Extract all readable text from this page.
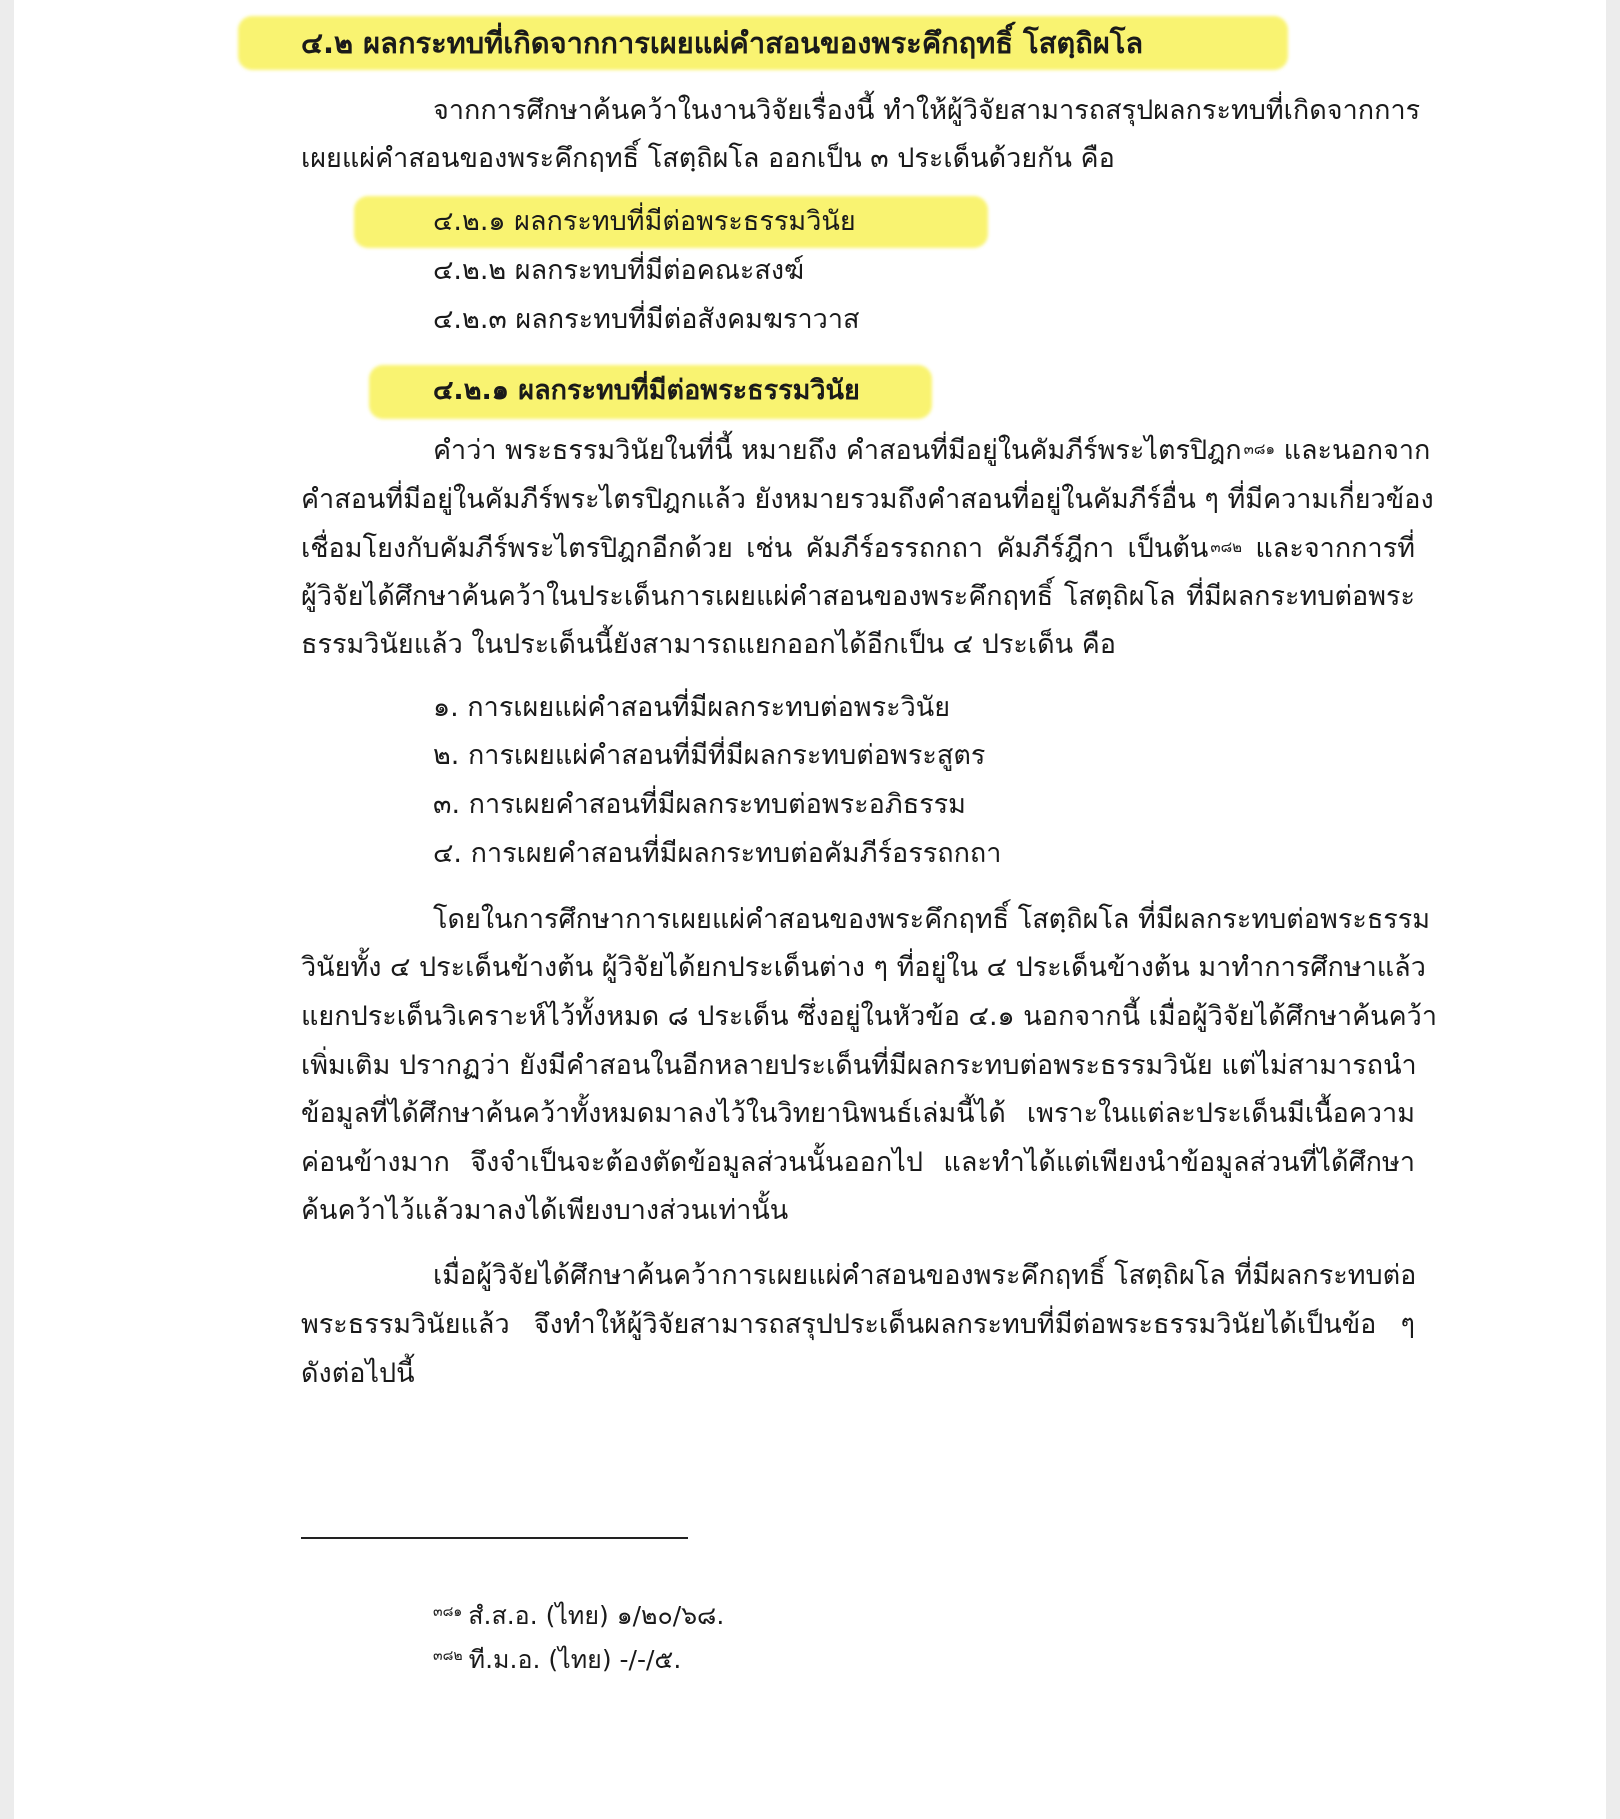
๔.๒ ผลกระทบที่เกิดจากการเผยแผ่คำสอนของพระคึกฤทธิ์ โสตฺถิผโล

จากการศึกษาค้นคว้าในงานวิจัยเรื่องนี้ ทำให้ผู้วิจัยสามารถสรุปผลกระทบที่เกิดจากการ

เผยแผ่คำสอนของพระคึกฤทธิ์ โสตฺถิผโล ออกเป็น ๓ ประเด็นด้วยกัน คือ

๔.๒.๑ ผลกระทบที่มีต่อพระธรรมวินัย

๔.๒.๒ ผลกระทบที่มีต่อคณะสงฆ์

๔.๒.๓ ผลกระทบที่มีต่อสังคมฆราวาส

๔.๒.๑ ผลกระทบที่มีต่อพระธรรมวินัย

คำว่า พระธรรมวินัยในที่นี้ หมายถึง คำสอนที่มีอยู่ในคัมภีร์พระไตรปิฎก $^{๓๘๑}$ และนอกจาก

คำสอนที่มีอยู่ในคัมภีร์พระไตรปิฎกแล้ว ยังหมายรวมถึงคำสอนที่อยู่ในคัมภีร์อื่น ๆ ที่มีความเกี่ยวข้อง

เชื่อมโยงกับคัมภีร์พระไตรปิฎกอีกด้วย เช่น คัมภีร์อรรถกถา คัมภีร์ฎีกา เป็นต้น $^{๓๘๒}$ และจากการที่

ผู้วิจัยได้ศึกษาค้นคว้าในประเด็นการเผยแผ่คำสอนของพระคึกฤทธิ์ โสตฺถิผโล ที่มีผลกระทบต่อพระ

ธรรมวินัยแล้ว ในประเด็นนี้ยังสามารถแยกออกได้อีกเป็น ๔ ประเด็น คือ

๑. การเผยแผ่คำสอนที่มีผลกระทบต่อพระวินัย

๒. การเผยแผ่คำสอนที่มีที่มีผลกระทบต่อพระสูตร

๓. การเผยคำสอนที่มีผลกระทบต่อพระอภิธรรม

๔. การเผยคำสอนที่มีผลกระทบต่อคัมภีร์อรรถกถา

โดยในการศึกษาการเผยแผ่คำสอนของพระคึกฤทธิ์ โสตฺถิผโล ที่มีผลกระทบต่อพระธรรม

วินัยทั้ง ๔ ประเด็นข้างต้น ผู้วิจัยได้ยกประเด็นต่าง ๆ ที่อยู่ใน ๔ ประเด็นข้างต้น มาทำการศึกษาแล้ว

แยกประเด็นวิเคราะห์ไว้ทั้งหมด ๘ ประเด็น ซึ่งอยู่ในหัวข้อ ๔.๑ นอกจากนี้ เมื่อผู้วิจัยได้ศึกษาค้นคว้า

เพิ่มเติม ปรากฏว่า ยังมีคำสอนในอีกหลายประเด็นที่มีผลกระทบต่อพระธรรมวินัย แต่ไม่สามารถนำ

ข้อมูลที่ได้ศึกษาค้นคว้าทั้งหมดมาลงไว้ในวิทยานิพนธ์เล่มนี้ได้ เพราะในแต่ละประเด็นมีเนื้อความ

ค่อนข้างมาก จึงจำเป็นจะต้องตัดข้อมูลส่วนนั้นออกไป และทำได้แต่เพียงนำข้อมูลส่วนที่ได้ศึกษา

ค้นคว้าไว้แล้วมาลงได้เพียงบางส่วนเท่านั้น

เมื่อผู้วิจัยได้ศึกษาค้นคว้าการเผยแผ่คำสอนของพระคึกฤทธิ์ โสตฺถิผโล ที่มีผลกระทบต่อ

พระธรรมวินัยแล้ว จึงทำให้ผู้วิจัยสามารถสรุปประเด็นผลกระทบที่มีต่อพระธรรมวินัยได้เป็นข้อ ๆ

ดังต่อไปนี้

$^{๓๘๑}$ สํ.ส.อ. (ไทย) ๑/๒๐/๖๘.
$^{๓๘๒}$ ที.ม.อ. (ไทย) -/-/๕.
